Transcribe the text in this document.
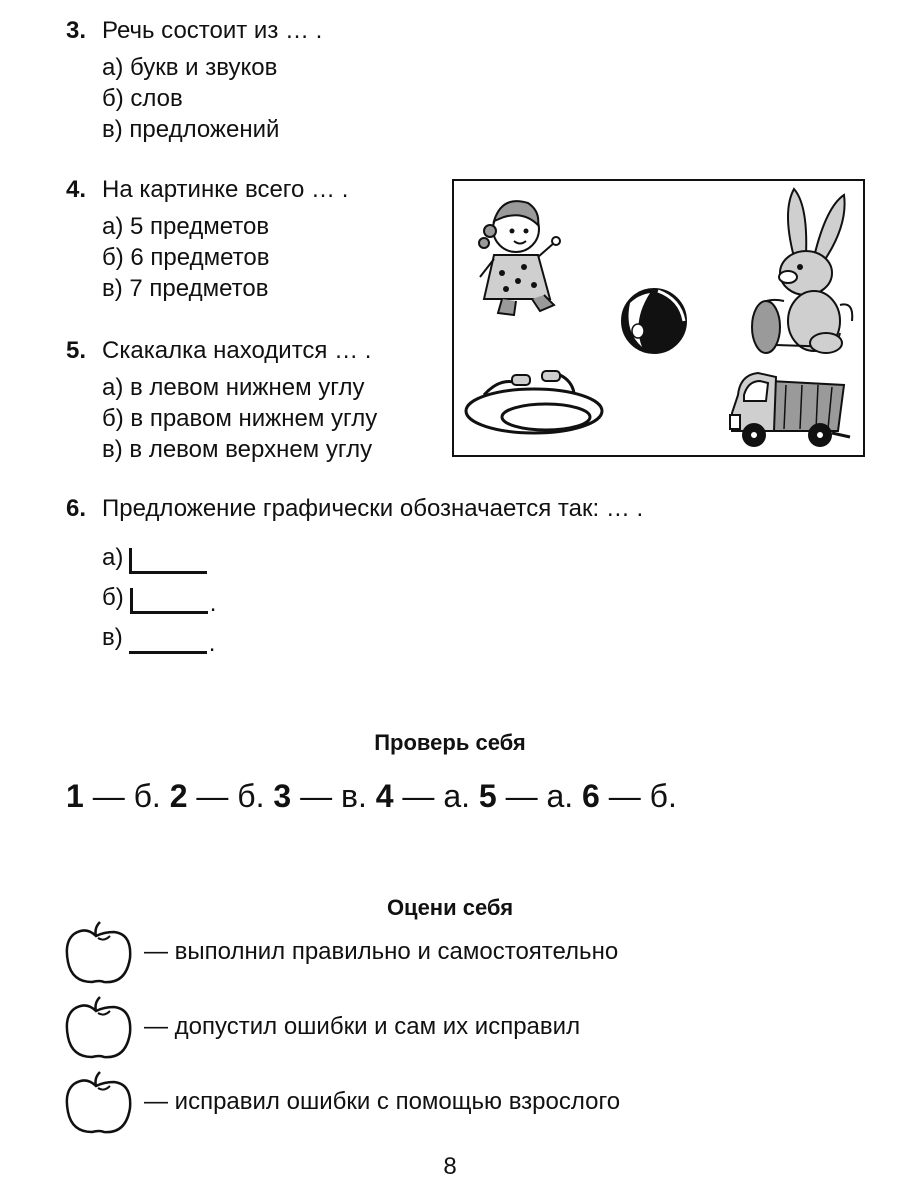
3. Речь состоит из … .
а) букв и звуков
б) слов
в) предложений
4. На картинке всего … .
а) 5 предметов
б) 6 предметов
в) 7 предметов
5. Скакалка находится … .
а) в левом нижнем углу
б) в правом нижнем углу
в) в левом верхнем углу
6. Предложение графически обозначается так: … .
а)
б)	.
в)	.
Проверь себя
1 — б. 2 — б. 3 — в. 4 — а. 5 — а. 6 — б.
Оцени себя
— выполнил правильно и самостоятельно
— допустил ошибки и сам их исправил
— исправил ошибки с помощью взрослого
8
